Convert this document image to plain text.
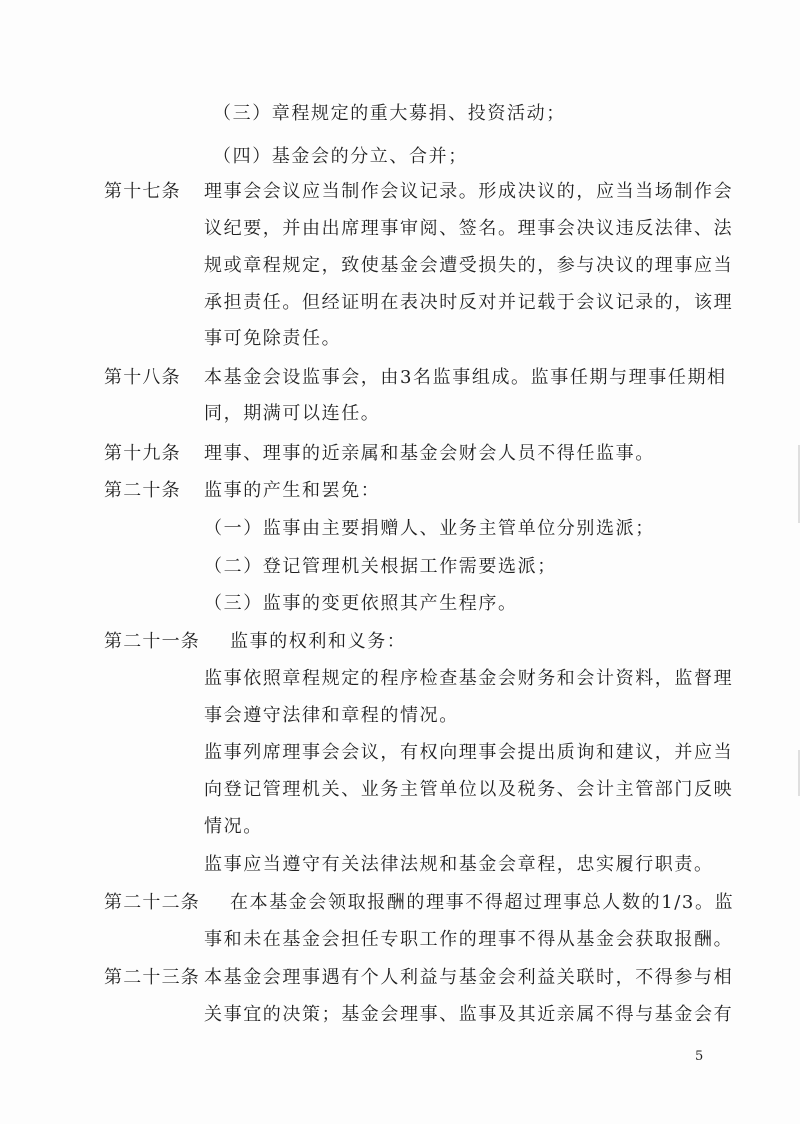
（三）章程规定的重大募捐、投资活动；
（四）基金会的分立、合并；
第十七条 理事会会议应当制作会议记录。形成决议的，应当当场制作会
议纪要，并由出席理事审阅、签名。理事会决议违反法律、法
规或章程规定，致使基金会遭受损失的，参与决议的理事应当
承担责任。但经证明在表决时反对并记载于会议记录的，该理
事可免除责任。
第十八条 本基金会设监事会，由3名监事组成。监事任期与理事任期相
同，期满可以连任。
第十九条 理事、理事的近亲属和基金会财会人员不得任监事。
第二十条 监事的产生和罢免：
（一）监事由主要捐赠人、业务主管单位分别选派；
（二）登记管理机关根据工作需要选派；
（三）监事的变更依照其产生程序。
第二十一条 监事的权利和义务：
监事依照章程规定的程序检查基金会财务和会计资料，监督理
事会遵守法律和章程的情况。
监事列席理事会会议，有权向理事会提出质询和建议，并应当
向登记管理机关、业务主管单位以及税务、会计主管部门反映
情况。
监事应当遵守有关法律法规和基金会章程，忠实履行职责。
第二十二条 在本基金会领取报酬的理事不得超过理事总人数的1/3。监
事和未在基金会担任专职工作的理事不得从基金会获取报酬。
第二十三条 本基金会理事遇有个人利益与基金会利益关联时，不得参与相
关事宜的决策；基金会理事、监事及其近亲属不得与基金会有
5
